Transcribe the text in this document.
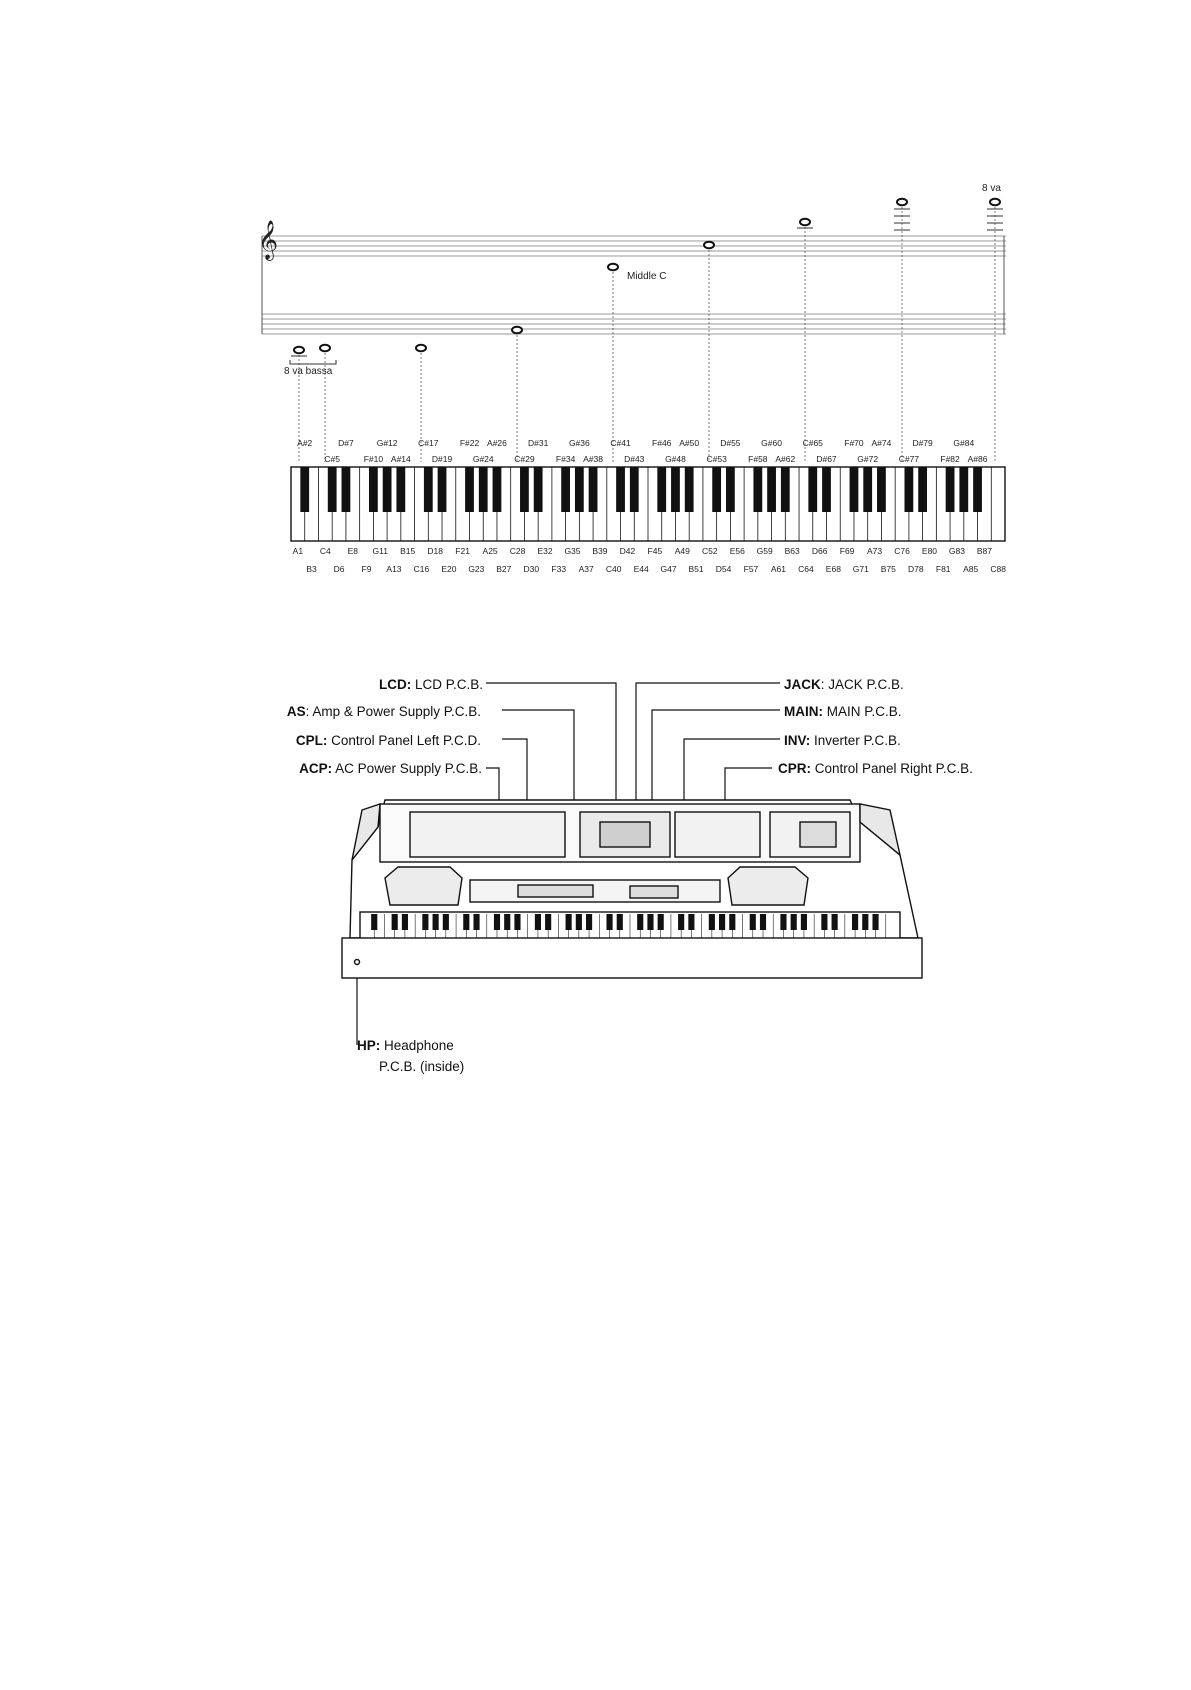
𝄞
8 va
Middle C
8 va bassa
A#2	D#7	G#12 C#17	F#22 A#26 D#31 G#36 C#41	F#46 A#50 D#55 G#60 C#65	F#70 A#74 D#79 G#84
C#5	F#10 A#14 D#19 G#24 C#29	F#34 A#38 D#43 G#48 C#53	F#58 A#62 D#67 G#72 C#77	F#82 A#86
A1 C4 E8 G11 B15 D18 F21 A25 C28 E32 G35 B39 D42 F45 A49 C52 E56 G59 B63 D66 F69 A73 C76 E80 G83 B87
B3 D6 F9 A13 C16 E20 G23 B27 D30 F33 A37 C40 E44 G47 B51 D54 F57 A61 C64 E68 G71 B75 D78 F81 A85 C88
LCD: LCD P.C.B.
AS: Amp & Power Supply P.C.B.
CPL: Control Panel Left P.C.D.
ACP: AC Power Supply P.C.B.
JACK: JACK P.C.B.
MAIN: MAIN P.C.B.
INV: Inverter P.C.B.
CPR: Control Panel Right P.C.B.
HP: Headphone
P.C.B. (inside)
